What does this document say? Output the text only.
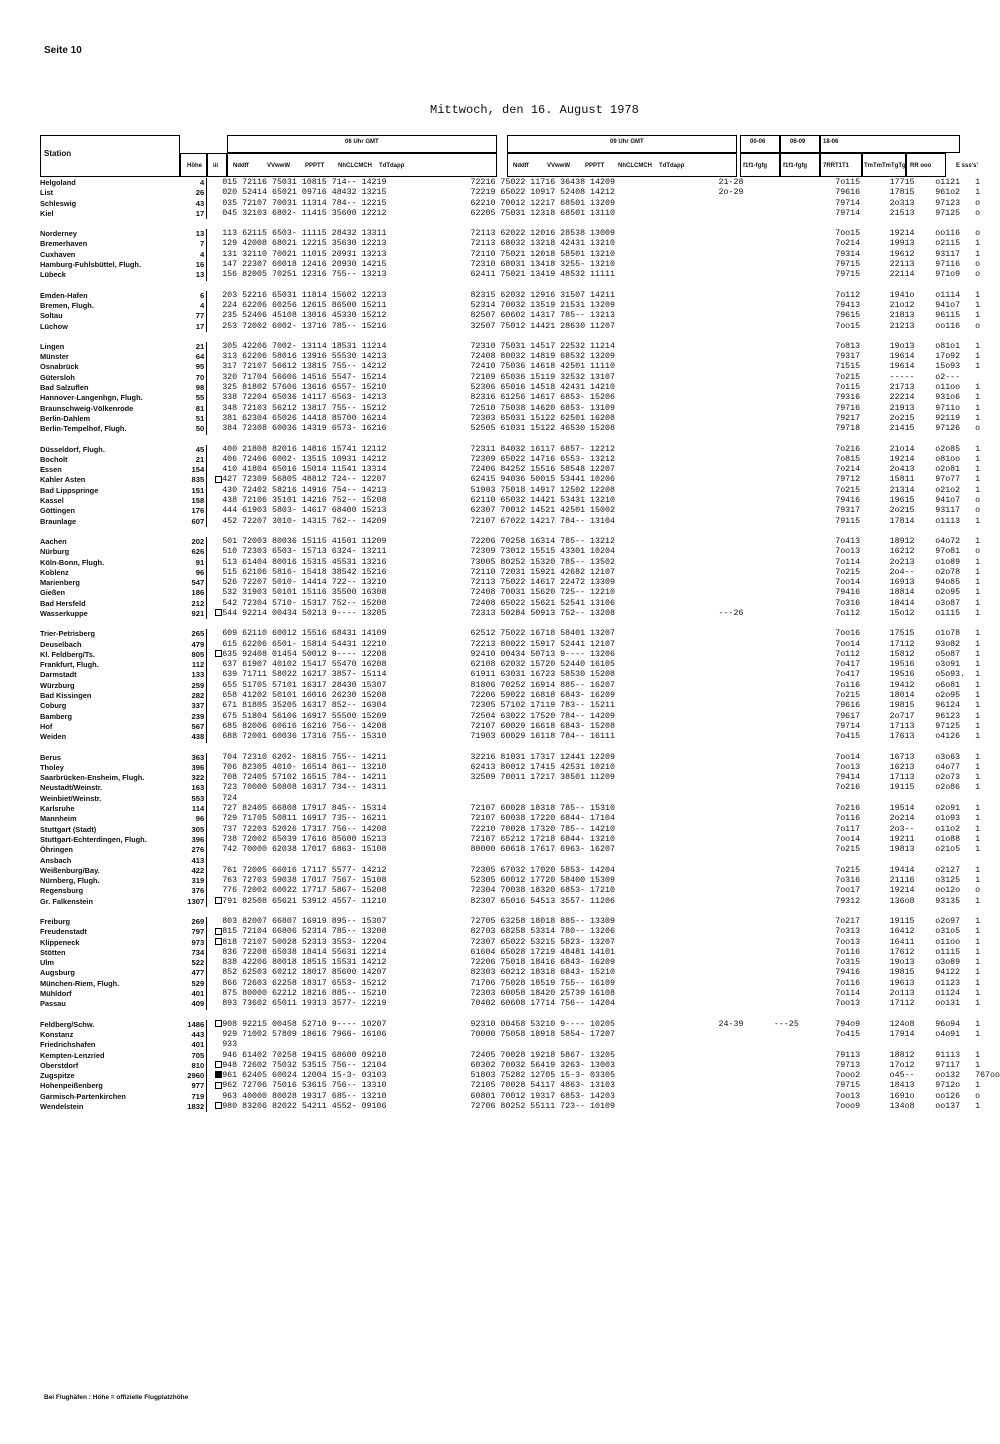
Seite 10
Mittwoch, den 16. August 1978
Station
Höhe iii
06 Uhr GMT
Nddff	VVwwW PPPTT NhCLCMCH TdTdapp
09 Uhr GMT
Nddff	VVwwW PPPTT NhCLCMCH TdTdapp
00-06	06-09	18-06
f1f1-fgfg	f1f1-fgfg	7RRT1T1 TmTmTmTgTg RR ooo	E sss's'
Helgoland	4		015 72116 75031 10815 714-- 14219	72216 75022 11716 36438 14209	21-28		7o115	17715	o1121	1
List	26		020 52414 65021 09716 48432 13215	72219 65022 10917 52408 14212	2o-29		79616	17815	961o2	1
Schleswig	43		035 72107 70031 11314 784-- 12215	62210 70012 12217 68501 13209			79714	2o313	97123	o
Kiel	17		045 32103 6802- 11415 35600 12212	62205 75031 12318 68501 13110			79714	21513	97125	o

Norderney	13		113 62115 6503- 11115 28432 13311	72113 62022 12016 28538 13009			7oo15	19214	oo116	o
Bremerhaven	7		129 42008 68021 12215 35630 12213	72113 68032 13218 42431 13210			7o214	19913	o2115	1
Cuxhaven	4		131 32110 70021 11015 20931 13213	72110 75021 12018 58501 13210			79314	19612	93117	1
Hamburg-Fuhlsbüttel, Flugh.	16		147 22307 60018 12416 20930 14215	72310 68031 13418 3255- 13210			79715	22113	97116	o
Lübeck	13		156 82005 70251 12316 755-- 13213	62411 75021 13419 48532 11111			79715	22114	971o9	o

Emden-Hafen	6		203 52216 65031 11814 15602 12213	82315 62032 12916 31507 14211			7o112	1941o	o1114	1
Bremen, Flugh.	4		224 62206 60256 12615 86500 15211	52314 70032 13519 21531 13209			79413	21o12	941o7	1
Soltau	77		235 52406 45108 13016 45330 15212	82507 60602 14317 785-- 13213			79615	21813	96115	1
Lüchow	17		253 72002 6002- 13716 785-- 15216	32507 75012 14421 28630 11207			7oo15	21213	oo116	o

Lingen	21		305 42206 7002- 13114 18531 11214	72310 75031 14517 22532 11214			7o813	19o13	o81o1	1
Münster	64		313 62206 58016 13916 55530 14213	72408 80032 14819 68532 13209			79317	19614	17o92	1
Osnabrück	95		317 72107 56612 13815 755-- 14212	72410 75036 14618 42501 11110			71515	19614	15o93	1
Gütersloh	70		320 71704 56606 14516 5547- 15214	72109 65036 15119 32532 13107			7o215	-----	o2---	
Bad Salzuflen	98		325 81802 57606 13616 6557- 15210	52306 65016 14518 42431 14210			7o115	21713	o11oo	1
Hannover-Langenhgn, Flugh.	55		338 72204 65036 14117 6563- 14213	82316 61256 14617 6853- 15206			79316	22214	931o6	1
Braunschweig-Völkenrode	81		348 72103 56212 13817 755-- 15212	72510 75038 14620 6853- 13109			79716	21913	9711o	1
Berlin-Dahlem	51		381 62304 65026 14418 85700 16214	72303 65031 15122 62501 16208			79217	2o215	92119	1
Berlin-Tempelhof, Flugh.	50		384 72308 60036 14319 6573- 16216	52505 61031 15122 46530 15208			79718	21415	97126	o

Düsseldorf, Flugh.	45		400 21808 82016 14816 15741 12112	72311 84032 16117 6857- 12212			7o216	21o14	o2o85	1
Bocholt	21		406 72406 6002- 13515 10931 14212	72309 65022 14716 6553- 13212			7o815	19214	o81oo	1
Essen	154		410 41804 65016 15014 11541 13314	72406 84252 15516 58548 12207			7o214	2o413	o2o81	1
Kahler Asten	835		427 72309 56805 48812 724-- 12207	62415 94036 50015 53441 10206			79712	15811	97o77	1
Bad Lippspringe	151		430 72402 58216 14916 754-- 14213	51903 75018 14917 12502 12208			7o215	21314	o21o2	1
Kassel	158		438 72106 35101 14216 752-- 15208	62110 65032 14421 53431 13210			79416	19615	941o7	o
Göttingen	176		444 61903 5803- 14617 68400 15213	62307 70012 14521 42501 15002			79317	2o215	93117	o
Braunlage	607		452 72207 3010- 14315 762-- 14209	72107 67022 14217 784-- 13104			79115	17814	o1113	1

Aachen	202		501 72003 80036 15115 41501 11209	72206 70258 16314 785-- 13212			7o413	18912	o4o72	1
Nürburg	626		510 72303 6503- 15713 6324- 13211	72309 73012 15515 43301 10204			7oo13	16212	97o81	o
Köln-Bonn, Flugh.	91		513 61404 80016 15315 45531 13216	73005 80252 15320 785-- 13502			7o114	2o213	o1o89	1
Koblenz	96		515 62106 5816- 15418 38542 15216	72110 72031 15921 42682 12107			7o215	2o4--	o2o78	1
Marienberg	547		526 72207 5010- 14414 722-- 13210	72113 75022 14617 22472 13309			7oo14	16913	94o85	1
Gießen	186		532 31903 50101 15116 35500 16308	72408 70031 15620 725-- 12210			79416	18814	o2o95	1
Bad Hersfeld	212		542 72304 5710- 15317 752-- 15208	72408 65022 15621 52541 13106			7o316	18414	o3o87	1
Wasserkuppe	921		544 92214 00434 50213 9---- 13205	72313 50284 50913 752-- 13208	---26		7o112	15o12	o1115	1

Trier-Petrisberg	265		609 62110 60012 15516 68431 14109	62512 75022 16718 58401 13207			7oo16	17515	o1o78	1
Deuselbach	479		615 62206 6501- 15814 54431 12210	72213 80022 15917 52441 12107			7oo14	17112	93o82	1
Kl. Feldberg/Ts.	805		635 92408 01454 50012 9---- 12208	92410 00434 50713 9---- 13206			7o112	15812	o5o87	1
Frankfurt, Flugh.	112		637 61907 40102 15417 55470 16208	62108 62032 15720 52440 16105			7o417	19516	o3o91	1
Darmstadt	133		639 71711 58022 16217 3857- 15114	61911 63031 16723 58530 15208			7o417	19516	o5o93.	1
Würzburg	259		655 51705 57101 16317 28430 15307	81806 70252 16914 885-- 16207			7o116	19412	o6o81	1
Bad Kissingen	282		658 41202 50101 16016 26230 15208	72206 59022 16818 6843- 16209			7o215	18014	o2o95	1
Coburg	337		671 81805 35205 16317 852-- 16304	72305 57102 17119 783-- 15211			79616	19815	96124	1
Bamberg	239		675 51804 56106 16917 55500 15209	72504 63022 17520 784-- 14209			79617	2o717	96123	1
Hof	567		685 82006 60616 16216 756-- 14208	72107 60029 16618 6843- 15208			79714	17113	97125	1
Weiden	438		688 72001 60036 17316 755-- 15310	71903 60029 16118 784-- 16111			7o415	17613	o4126	1

Berus	363		704 72310 6202- 16815 755-- 14211	32216 81031 17317 12441 12209			7oo14	16713	o3o63	1
Tholey	396		706 82305 4010- 16514 861-- 13210	62413 80012 17415 42531 10210			7oo13	16213	o4o77	1
Saarbrücken-Ensheim, Flugh.	322		708 72405 57102 16515 784-- 14211	32509 70011 17217 38501 11209			79414	17113	o2o73	1
Neustadt/Weinstr.	163		723 70000 50808 16317 734-- 14311				7o216	19115	o2o86	1
Weinbiet/Weinstr.	553		724							
Karlsruhe	114		727 82405 66808 17917 845-- 15314	72107 60028 18318 785-- 15310			7o216	19514	o2o91	1
Mannheim	96		729 71705 50811 16917 735-- 16211	72107 60038 17220 6844- 17104			7o116	2o214	o1o93	1
Stuttgart (Stadt)	305		737 72203 52026 17317 756-- 14208	72210 70028 17320 785-- 14210			7o117	2o3--	o11o2	1
Stuttgart-Echterdingen, Flugh.	396		738 72002 65039 17616 85600 15213	72107 65212 17218 6844- 13210			7oo14	19211	o1o88	1
Öhringen	276		742 70000 62038 17017 6863- 15108	80000 60618 17617 6963- 16207			7o215	19813	o21o5	1
Ansbach	413									
Weißenburg/Bay.	422		761 72005 66016 17117 5577- 14212	72305 67032 17020 5853- 14204			7o215	19414	o2127	1
Nürnberg, Flugh.	319		763 72703 59038 17017 7567- 15108	52305 60012 17720 58400 15309			7o316	21116	o3125	1
Regensburg	376		776 72002 60022 17717 5867- 15208	72304 70038 18320 6853- 17210			7oo17	19214	oo12o	o
Gr. Falkenstein	1307		791 82508 65621 53912 4557- 11210	82307 65016 54513 3557- 11206			79312	136o8	93135	1

Freiburg	269		803 82007 66807 16919 895-- 15307	72705 63258 18018 885-- 13309			7o217	19115	o2o97	1
Freudenstadt	797		815 72104 66806 52314 785-- 13208	82703 68258 53314 780-- 13206			7o313	16412	o31o5	1
Klippeneck	973		818 72107 50028 52313 3553- 12204	72307 65022 53215 5823- 13207			7oo13	16411	o11oo	1
Stötten	734		836 72208 65038 18414 55631 12214	61604 65028 17219 48481 14101			7o116	17612	o1115	1
Ulm	522		838 42206 80018 18515 15531 14212	72206 75018 18416 6843- 16209			7o315	19o13	o3o89	1
Augsburg	477		852 62503 60212 18017 85600 14207	82303 60212 18318 6843- 15210			79416	19815	94122	1
München-Riem, Flugh.	529		866 72603 62258 18317 6553- 15212	71706 75028 18519 755-- 16109			7o116	19613	o1123	1
Mühldorf	401		875 80000 62212 18216 885-- 15210	72303 60058 18420 25739 16108			7o114	2o113	o1124	1
Passau	409		893 73602 65011 19313 3577- 12219	70402 60608 17714 756-- 14204			7oo13	17112	oo131	1

Feldberg/Schw.	1486		908 92215 00458 52710 9---- 10207	92310 00458 53210 9---- 10205	24-39	---25	794o9	124o8	96o94	1
Konstanz	443		929 71002 57809 18616 7966- 16106	70000 75058 18918 5854- 17207			7o415	17914	o4o91	1
Friedrichshafen	401		933							
Kempten-Lenzried	705		946 61402 70258 19415 68600 09210	72405 70028 19218 5867- 13205			79113	18812	91113	1
Oberstdorf	810		948 72602 75032 53515 756-- 12104	60302 70032 56419 3263- 13003			79713	17o12	97117	1
Zugspitze	2960		961 62405 60024 12004 15-3- 03103	51803 75282 12705 15-3- 03305			7ooo2	o45--	oo132	767oo
Hohenpeißenberg	977		962 72706 75016 53615 756-- 13310	72105 70028 54117 4863- 13103			79715	18413	9712o	1
Garmisch-Partenkirchen	719		963 40000 80028 19317 685-- 13210	60801 70012 19317 6853- 14203			7oo13	1691o	oo126	o
Wendelstein	1832		980 83206 82022 54211 4552- 09106	72706 80252 55111 723-- 10109			7ooo9	134o8	oo137	1
Bei Flughäfen : Höhe = offizielle Flugplatzhöhe
